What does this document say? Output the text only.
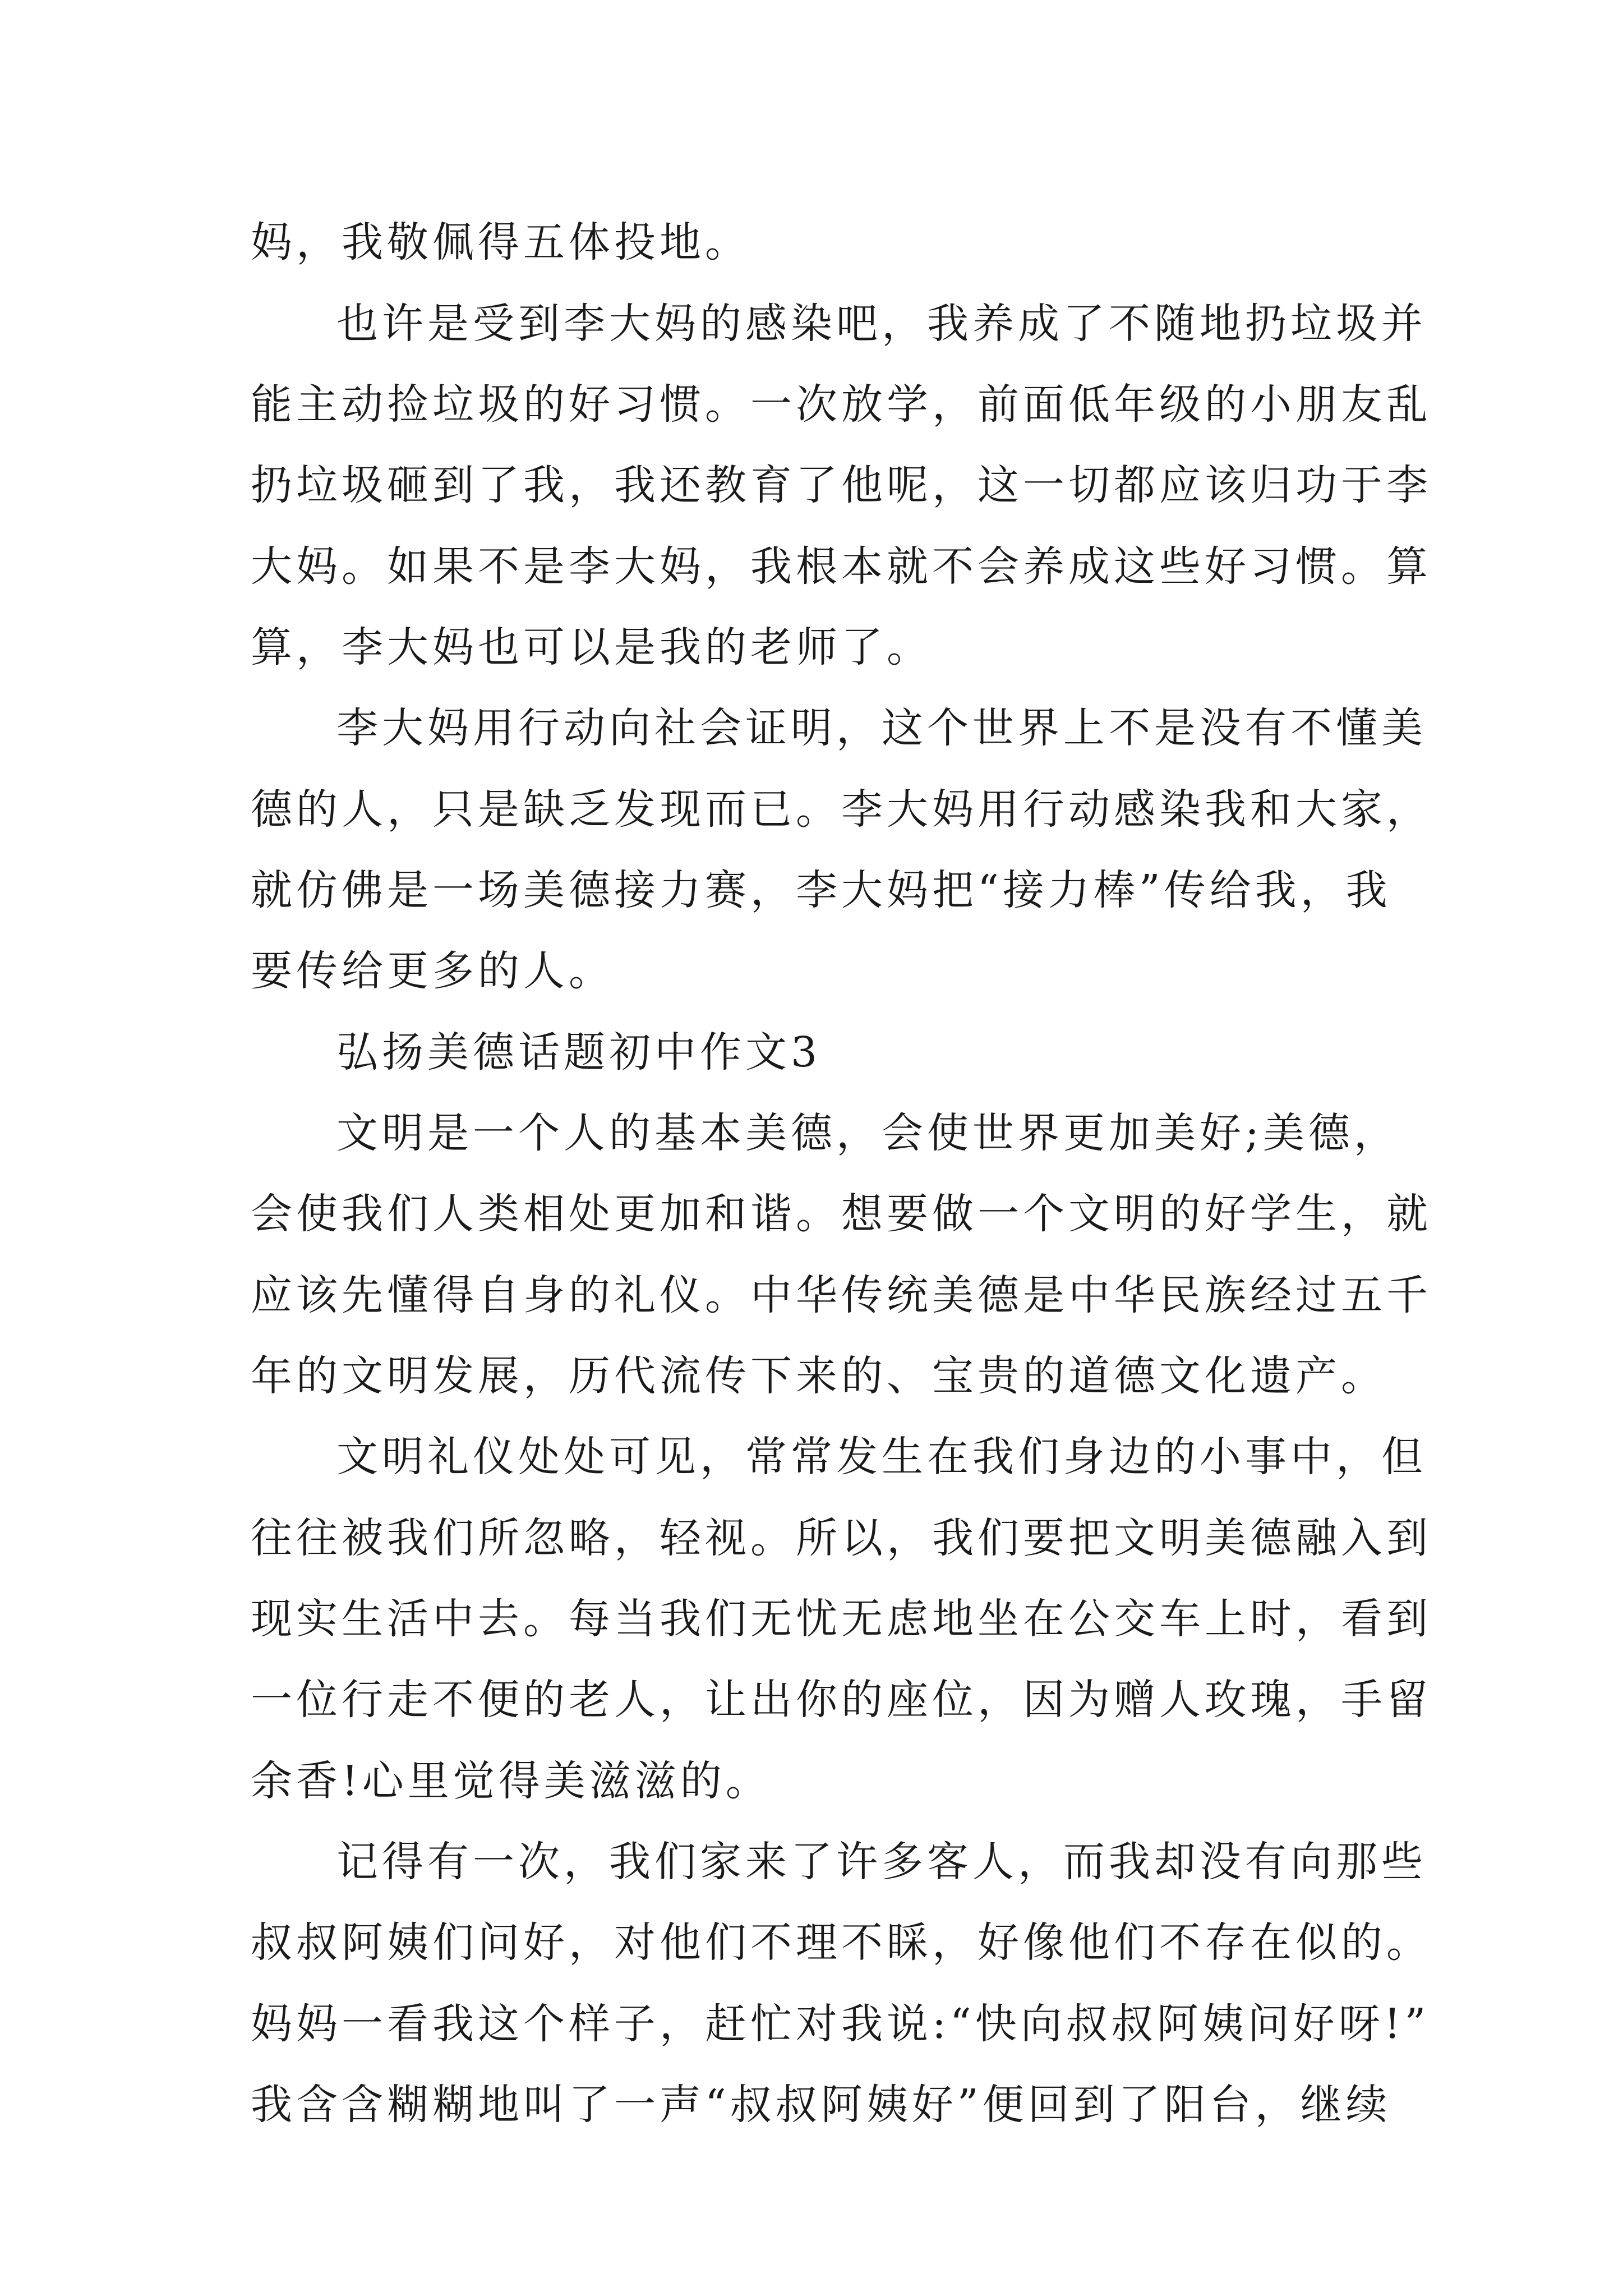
妈，我敬佩得五体投地。
也许是受到李大妈的感染吧，我养成了不随地扔垃圾并
能主动捡垃圾的好习惯。一次放学，前面低年级的小朋友乱
扔垃圾砸到了我，我还教育了他呢，这一切都应该归功于李
大妈。如果不是李大妈，我根本就不会养成这些好习惯。算
算，李大妈也可以是我的老师了。
李大妈用行动向社会证明，这个世界上不是没有不懂美
德的人，只是缺乏发现而已。李大妈用行动感染我和大家，
就仿佛是一场美德接力赛，李大妈把“接力棒”传给我，我
要传给更多的人。
弘扬美德话题初中作文3
文明是一个人的基本美德，会使世界更加美好;美德，
会使我们人类相处更加和谐。想要做一个文明的好学生，就
应该先懂得自身的礼仪。中华传统美德是中华民族经过五千
年的文明发展，历代流传下来的、宝贵的道德文化遗产。
文明礼仪处处可见，常常发生在我们身边的小事中，但
往往被我们所忽略，轻视。所以，我们要把文明美德融入到
现实生活中去。每当我们无忧无虑地坐在公交车上时，看到
一位行走不便的老人，让出你的座位，因为赠人玫瑰，手留
余香!心里觉得美滋滋的。
记得有一次，我们家来了许多客人，而我却没有向那些
叔叔阿姨们问好，对他们不理不睬，好像他们不存在似的。
妈妈一看我这个样子，赶忙对我说:“快向叔叔阿姨问好呀!”
我含含糊糊地叫了一声“叔叔阿姨好”便回到了阳台，继续
